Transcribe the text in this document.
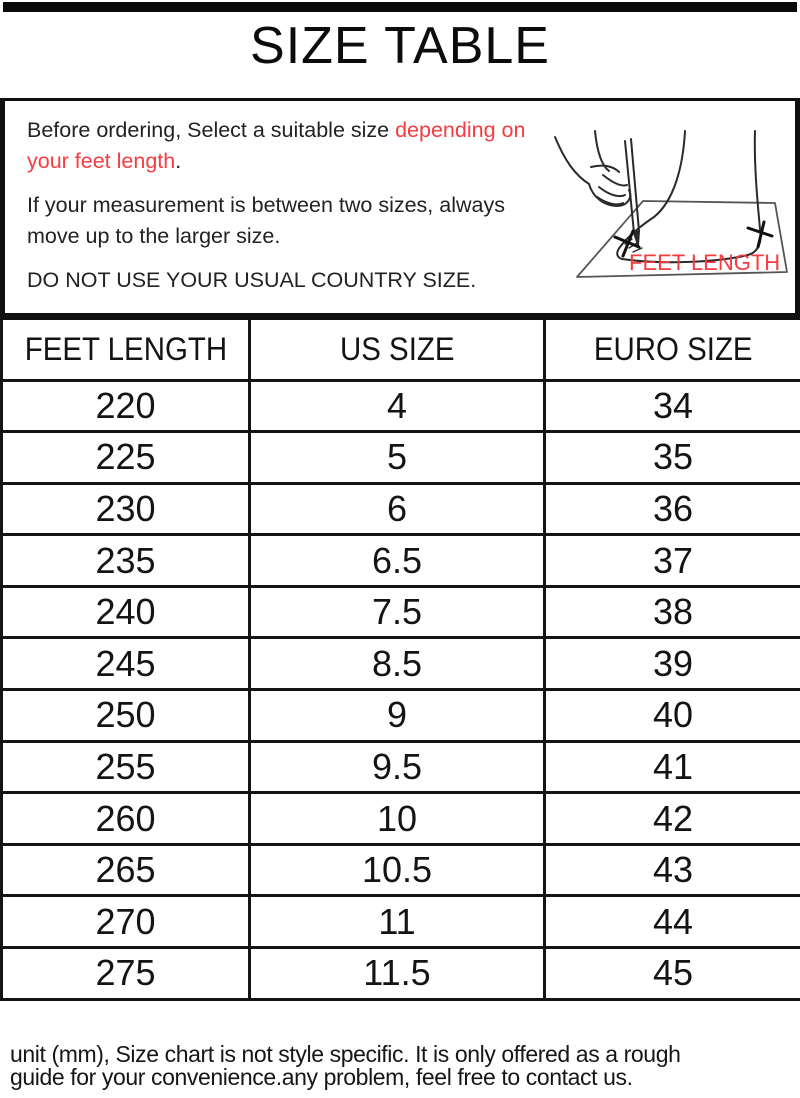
SIZE TABLE

Before ordering, Select a suitable size depending on your feet length.

If your measurement is between two sizes, always move up to the larger size.

DO NOT USE YOUR USUAL COUNTRY SIZE.

FEET LENGTH
FEET LENGTH	US SIZE	EURO SIZE
220	4	34
225	5	35
230	6	36
235	6.5	37
240	7.5	38
245	8.5	39
250	9	40
255	9.5	41
260	10	42
265	10.5	43
270	11	44
275	11.5	45
unit (mm), Size chart is not style specific. It is only offered as a rough
guide for your convenience.any problem, feel free to contact us.
